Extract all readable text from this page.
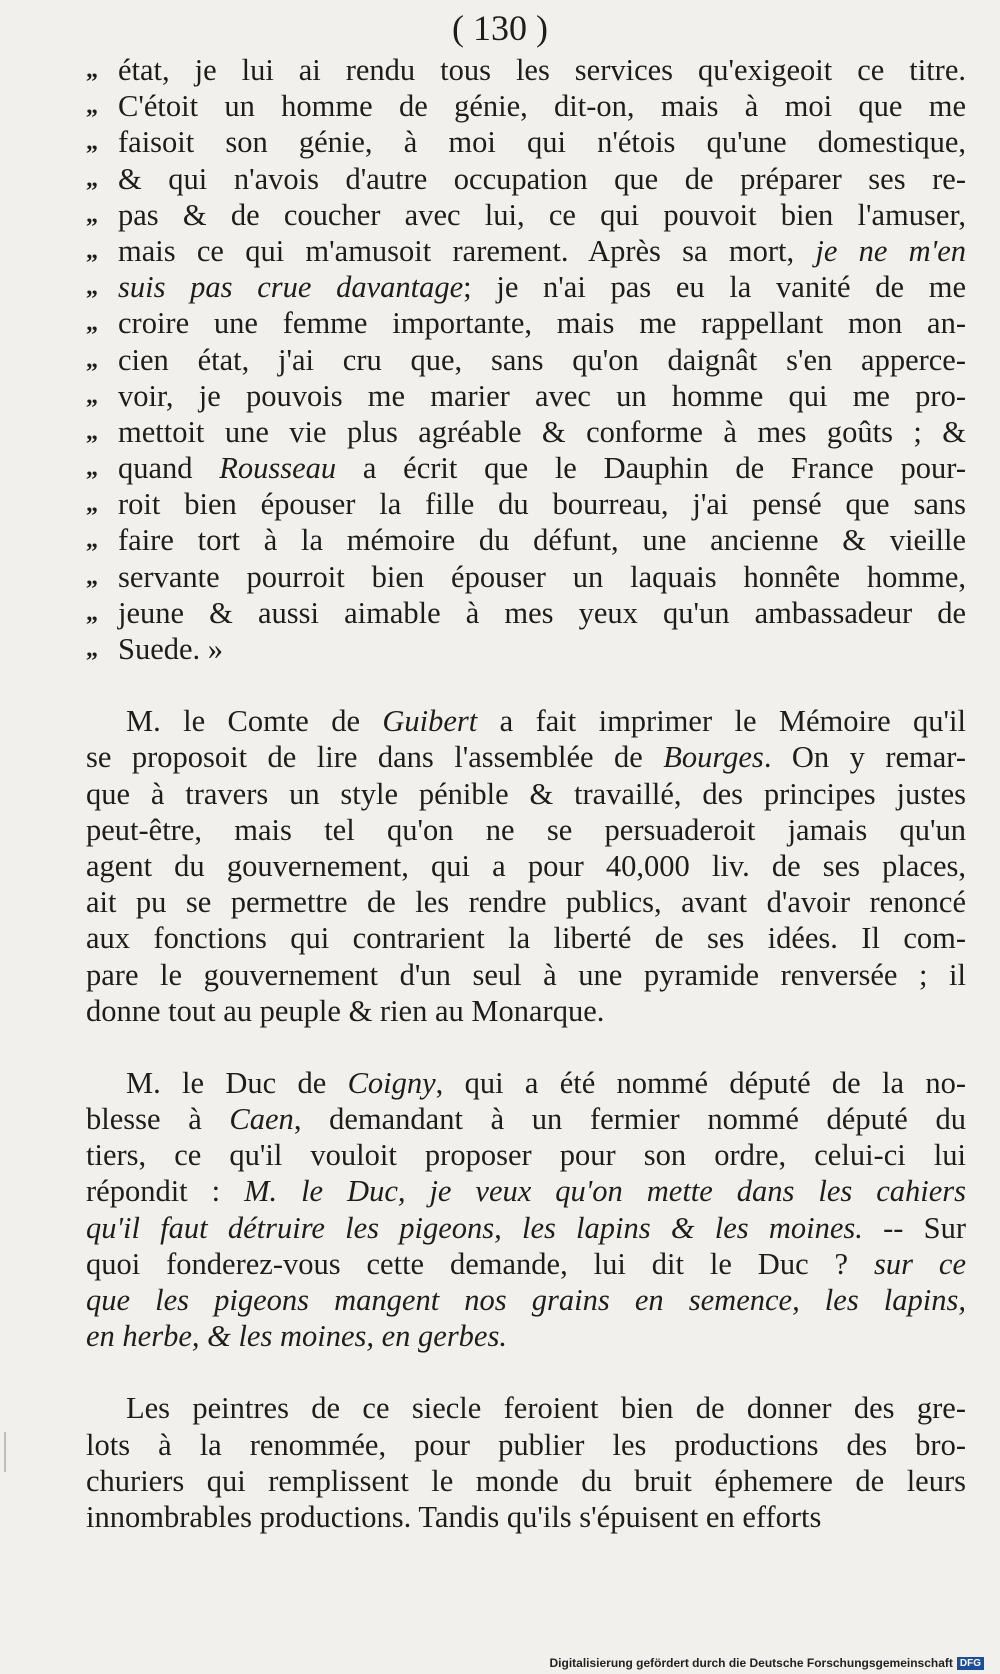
( 130 )
„ état, je lui ai rendu tous les services qu'exigeoit ce titre.
„ C'étoit un homme de génie, dit-on, mais à moi que me
„ faisoit son génie, à moi qui n'étois qu'une domestique,
„ & qui n'avois d'autre occupation que de préparer ses re-
„ pas & de coucher avec lui, ce qui pouvoit bien l'amuser,
„ mais ce qui m'amusoit rarement. Après sa mort, je ne m'en
„ suis pas crue davantage; je n'ai pas eu la vanité de me
„ croire une femme importante, mais me rappellant mon an-
„ cien état, j'ai cru que, sans qu'on daignât s'en apperce-
„ voir, je pouvois me marier avec un homme qui me pro-
„ mettoit une vie plus agréable & conforme à mes goûts ; &
„ quand Rousseau a écrit que le Dauphin de France pour-
„ roit bien épouser la fille du bourreau, j'ai pensé que sans
„ faire tort à la mémoire du défunt, une ancienne & vieille
„ servante pourroit bien épouser un laquais honnête homme,
„ jeune & aussi aimable à mes yeux qu'un ambassadeur de
„ Suede. »
M. le Comte de Guibert a fait imprimer le Mémoire qu'il
se proposoit de lire dans l'assemblée de Bourges. On y remar-
que à travers un style pénible & travaillé, des principes justes
peut-être, mais tel qu'on ne se persuaderoit jamais qu'un
agent du gouvernement, qui a pour 40,000 liv. de ses places,
ait pu se permettre de les rendre publics, avant d'avoir renoncé
aux fonctions qui contrarient la liberté de ses idées. Il com-
pare le gouvernement d'un seul à une pyramide renversée ; il
donne tout au peuple & rien au Monarque.
M. le Duc de Coigny, qui a été nommé député de la no-
blesse à Caen, demandant à un fermier nommé député du
tiers, ce qu'il vouloit proposer pour son ordre, celui-ci lui
répondit : M. le Duc, je veux qu'on mette dans les cahiers
qu'il faut détruire les pigeons, les lapins & les moines. -- Sur
quoi fonderez-vous cette demande, lui dit le Duc ? sur ce
que les pigeons mangent nos grains en semence, les lapins,
en herbe, & les moines, en gerbes.
Les peintres de ce siecle feroient bien de donner des gre-
lots à la renommée, pour publier les productions des bro-
churiers qui remplissent le monde du bruit éphemere de leurs
innombrables productions. Tandis qu'ils s'épuisent en efforts
Digitalisierung gefördert durch die Deutsche Forschungsgemeinschaft DFG
